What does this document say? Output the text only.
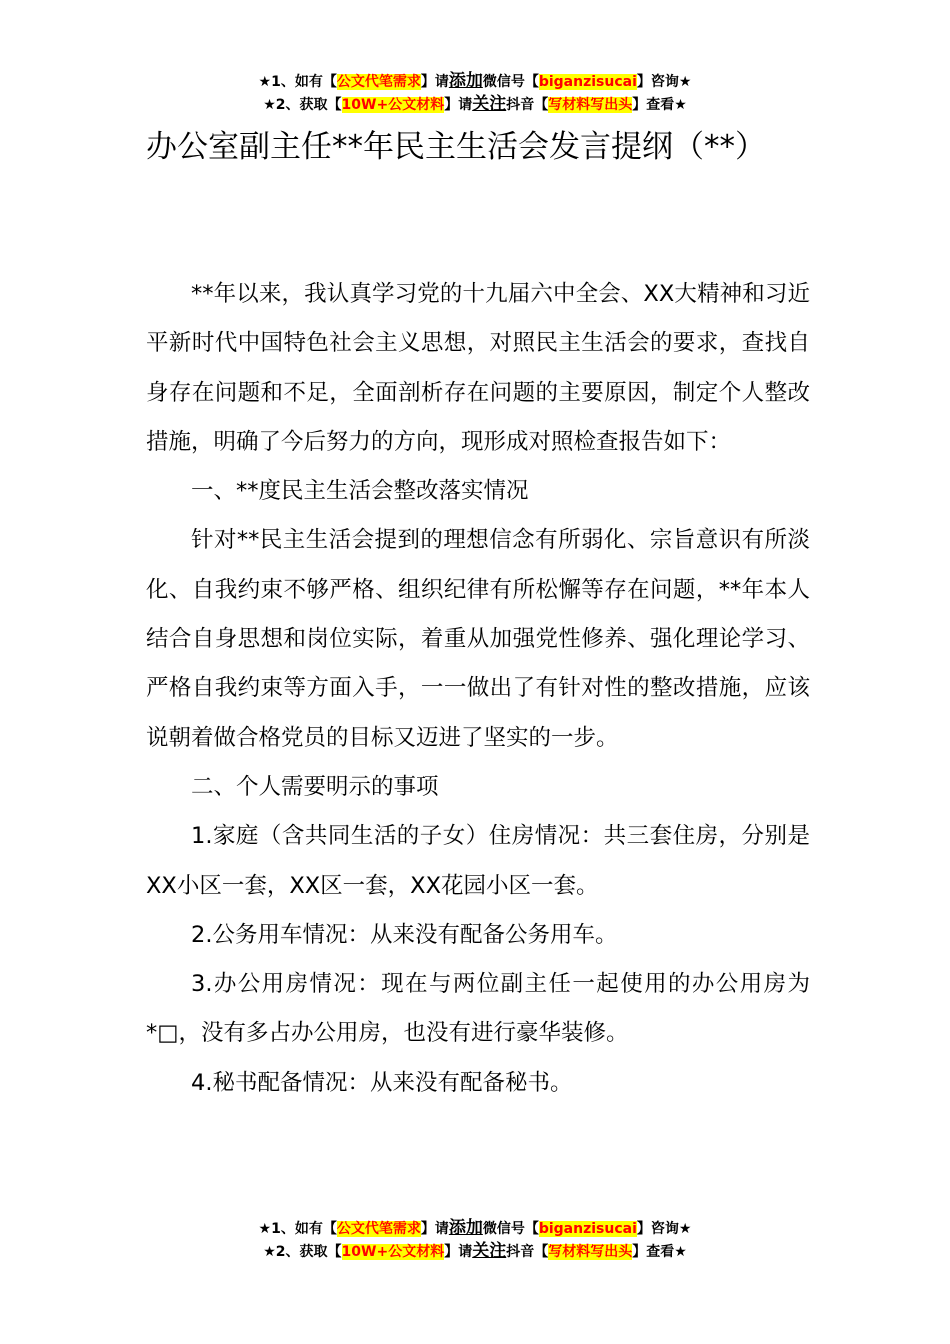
★1、如有【公文代笔需求】请添加微信号【biganzisucai】咨询★
★2、获取【10W+公文材料】请关注抖音【写材料写出头】查看★
办公室副主任**年民主生活会发言提纲（**）

**年以来，我认真学习党的十九届六中全会、XX大精神和习近平新时代中国特色社会主义思想，对照民主生活会的要求，查找自身存在问题和不足，全面剖析存在问题的主要原因，制定个人整改措施，明确了今后努力的方向，现形成对照检查报告如下：

一、**度民主生活会整改落实情况

针对**民主生活会提到的理想信念有所弱化、宗旨意识有所淡化、自我约束不够严格、组织纪律有所松懈等存在问题，**年本人结合自身思想和岗位实际，着重从加强党性修养、强化理论学习、严格自我约束等方面入手，一一做出了有针对性的整改措施，应该说朝着做合格党员的目标又迈进了坚实的一步。

二、个人需要明示的事项

1.家庭（含共同生活的子女）住房情况：共三套住房，分别是XX小区一套，XX区一套，XX花园小区一套。

2.公务用车情况：从来没有配备公务用车。

3.办公用房情况：现在与两位副主任一起使用的办公用房为*□，没有多占办公用房，也没有进行豪华装修。

4.秘书配备情况：从来没有配备秘书。

★1、如有【公文代笔需求】请添加微信号【biganzisucai】咨询★
★2、获取【10W+公文材料】请关注抖音【写材料写出头】查看★
